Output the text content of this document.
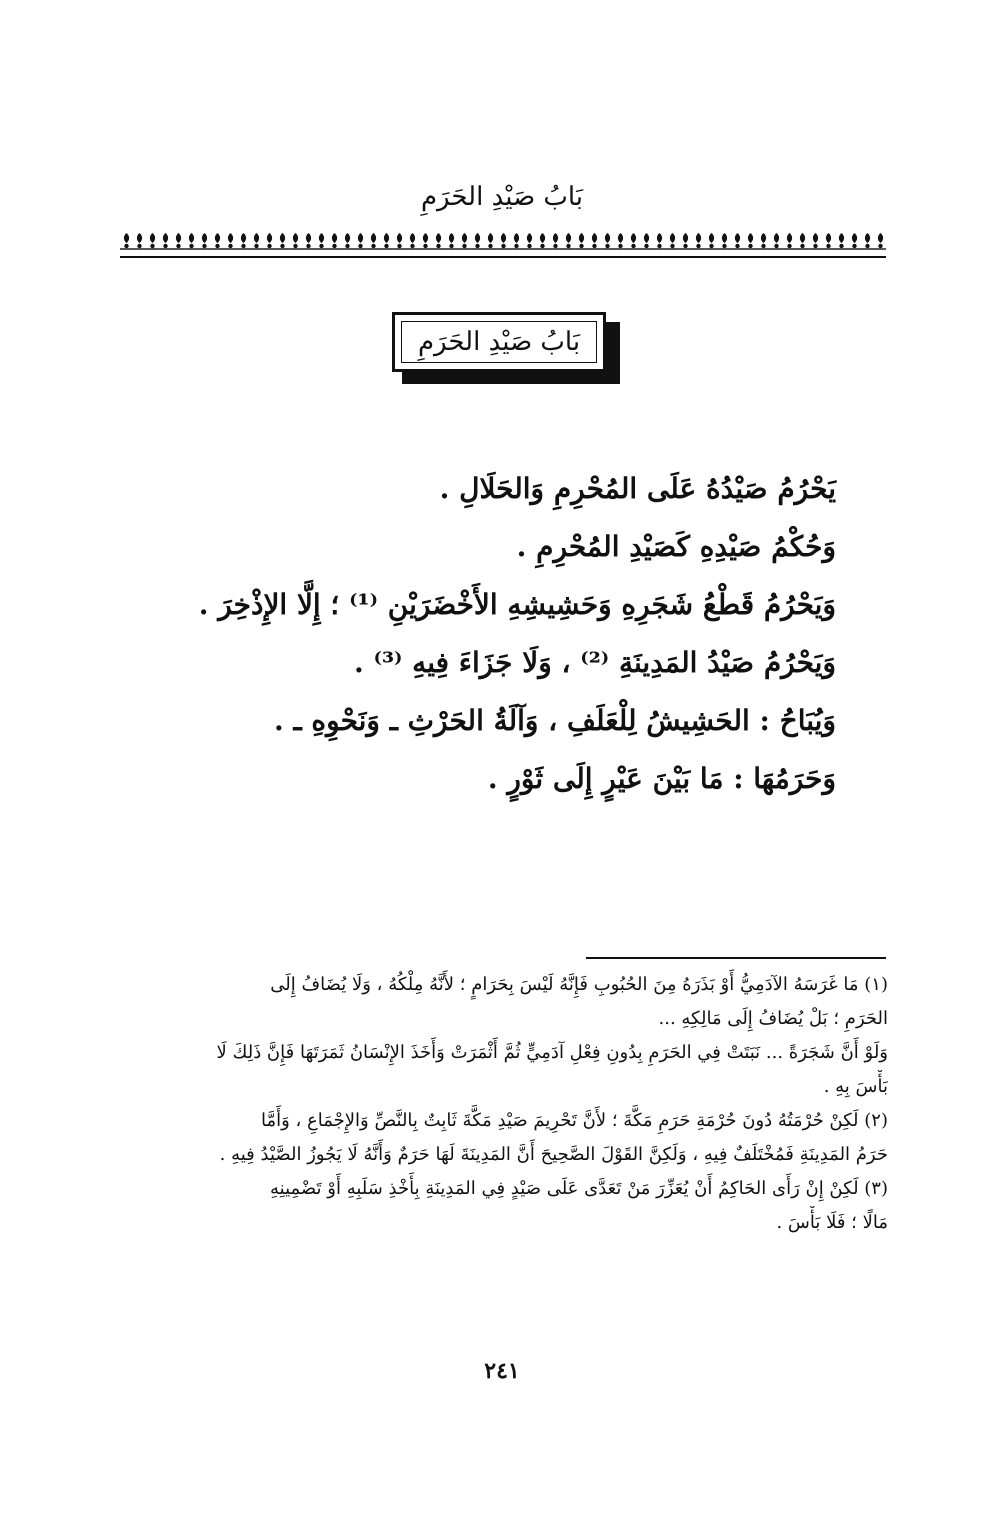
بَابُ صَيْدِ الحَرَمِ
بَابُ صَيْدِ الحَرَمِ
يَحْرُمُ صَيْدُهُ عَلَى المُحْرِمِ وَالحَلَالِ .
وَحُكْمُ صَيْدِهِ كَصَيْدِ المُحْرِمِ .
وَيَحْرُمُ قَطْعُ شَجَرِهِ وَحَشِيشِهِ الأَخْضَرَيْنِ ⁽¹⁾ ؛ إِلَّا الإِذْخِرَ .
وَيَحْرُمُ صَيْدُ المَدِينَةِ ⁽²⁾ ، وَلَا جَزَاءَ فِيهِ ⁽³⁾ .
وَيُبَاحُ : الحَشِيشُ لِلْعَلَفِ ، وَآلَةُ الحَرْثِ ـ وَنَحْوِهِ ـ .
وَحَرَمُهَا : مَا بَيْنَ عَيْرٍ إِلَى ثَوْرٍ .
(١) مَا غَرَسَهُ الآدَمِيُّ أَوْ بَذَرَهُ مِنَ الحُبُوبِ فَإِنَّهُ لَيْسَ بِحَرَامٍ ؛ لأَنَّهُ مِلْكُهُ ، وَلَا يُضَافُ إِلَى
الحَرَمِ ؛ بَلْ يُضَافُ إِلَى مَالِكِهِ ...
وَلَوْ أَنَّ شَجَرَةً ... نَبَتَتْ فِي الحَرَمِ بِدُونِ فِعْلِ آدَمِيٍّ ثُمَّ أَثْمَرَتْ وَأَخَذَ الإِنْسَانُ ثَمَرَتَهَا فَإِنَّ ذَلِكَ لَا
بَأْسَ بِهِ .
(٢) لَكِنْ حُرْمَتُهُ دُونَ حُرْمَةِ حَرَمِ مَكَّةَ ؛ لأَنَّ تَحْرِيمَ صَيْدِ مَكَّةَ ثَابِتٌ بِالنَّصِّ وَالإِجْمَاعِ ، وَأَمَّا
حَرَمُ المَدِينَةِ فَمُخْتَلَفٌ فِيهِ ، وَلَكِنَّ القَوْلَ الصَّحِيحَ أَنَّ المَدِينَةَ لَهَا حَرَمٌ وَأَنَّهُ لَا يَجُوزُ الصَّيْدُ فِيهِ .
(٣) لَكِنْ إِنْ رَأَى الحَاكِمُ أَنْ يُعَزِّرَ مَنْ تَعَدَّى عَلَى صَيْدٍ فِي المَدِينَةِ بِأَخْذِ سَلَبِهِ أَوْ تَضْمِينِهِ
مَالًا ؛ فَلَا بَأْسَ .
٢٤١
